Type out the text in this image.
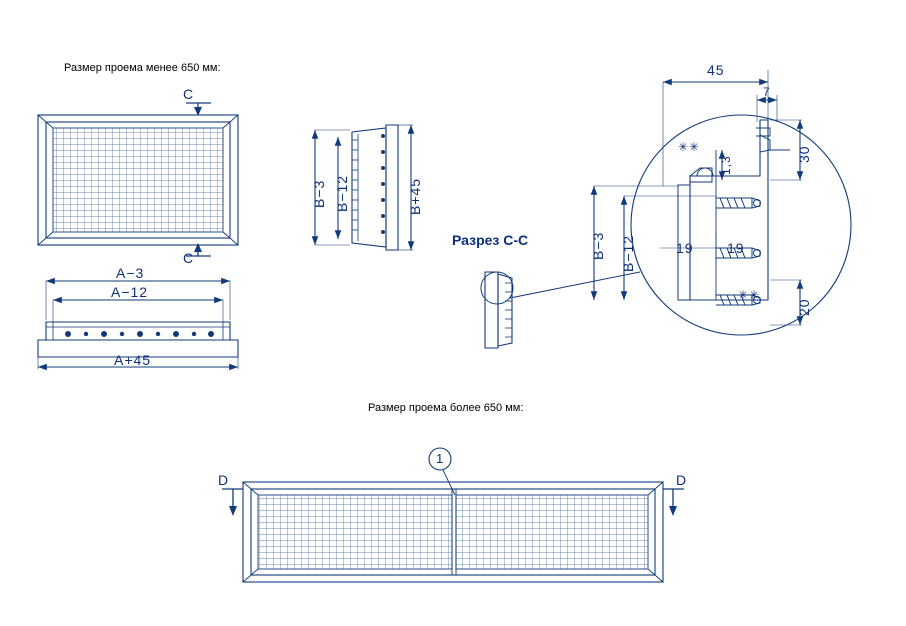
Размер проема менее 650 мм:
Размер проема более 650 мм:
Разрез C-C
C
C
B−3 B−12	B+45
A−3
A−12
A+45
45
7
30
1,3
B−3 B−12	19 19
20
✳✳
✳✳
1
D	D
